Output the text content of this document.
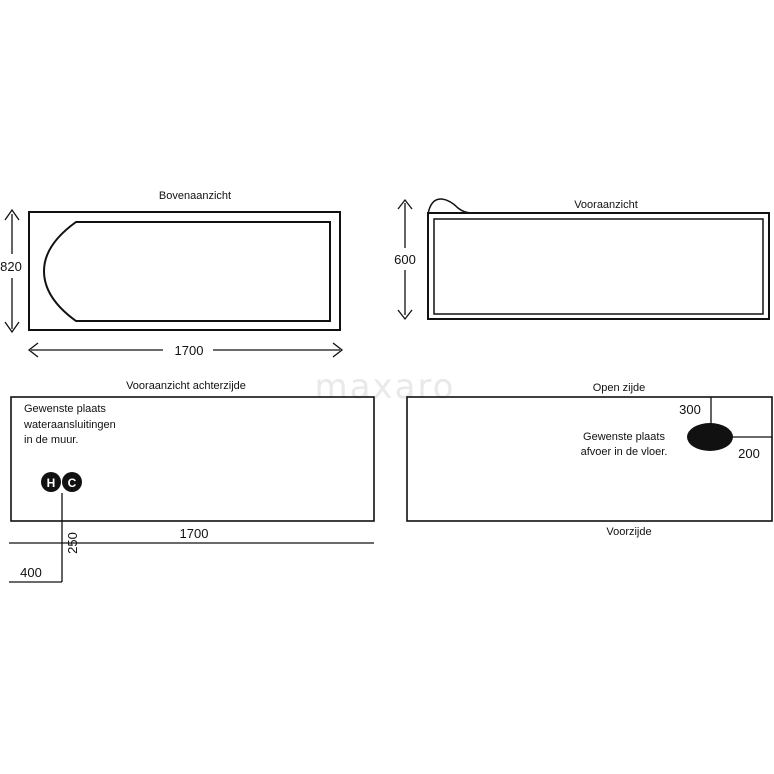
maxaro
Bovenaanzicht
820
1700
Vooraanzicht
600
Vooraanzicht achterzijde
Gewenste plaats
wateraansluitingen
in de muur.
H C
1700
250
400
Open zijde
300
200
Gewenste plaats
afvoer in de vloer.
Voorzijde
